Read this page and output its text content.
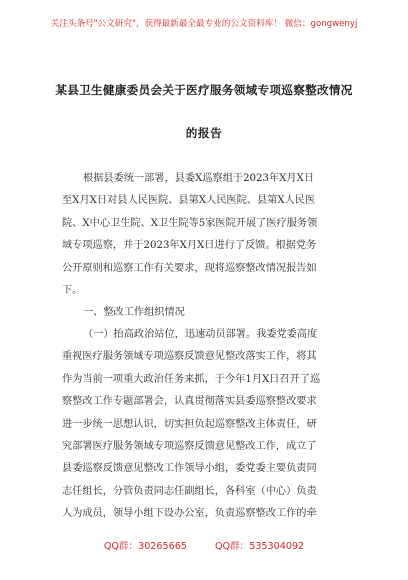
关注头条号"公文研究"，获得最新最全最专业的公文资料库！ 微信：gongwenyj
某县卫生健康委员会关于医疗服务领域专项巡察整改情况
的报告
根据县委统一部署，县委X巡察组于2023年X月X日
至X月X日对县人民医院、县第X人民医院、县第X人民医
院、X中心卫生院、X卫生院等5家医院开展了医疗服务领
域专项巡察，并于2023年X月X日进行了反馈。根据党务
公开原则和巡察工作有关要求，现将巡察整改情况报告如
下。
一、整改工作组织情况
（一）抬高政治站位，迅速动员部署。我委党委高度
重视医疗服务领域专项巡察反馈意见整改落实工作，将其
作为当前一项重大政治任务来抓，于今年1月X日召开了巡
察整改工作专题部署会，认真贯彻落实县委巡察整改要求
进一步统一思想认识，切实担负起巡察整改主体责任，研
究部署医疗服务领域专项巡察反馈意见整改工作，成立了
县委巡察反馈意见整改工作领导小组，委党委主要负责同
志任组长，分管负责同志任副组长，各科室（中心）负责
人为成员，领导小组下设办公室，负责巡察整改工作的牵
QQ群：30265665	QQ群：535304092
